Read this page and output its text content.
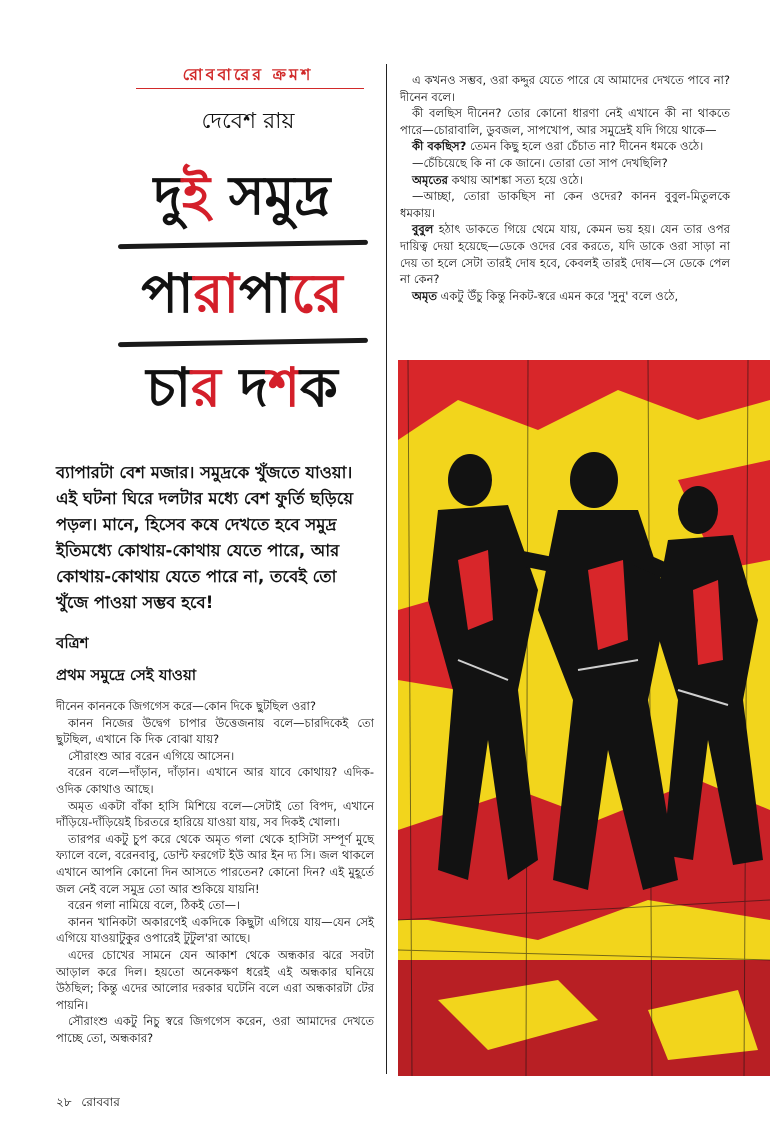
রোববারের ক্রমশ
দেবেশ রায়
দুই সমুদ্র
পারাপারে
চার দশক
ব্যাপারটা বেশ মজার। সমুদ্রকে খুঁজতে যাওয়া। এই ঘটনা ঘিরে দলটার মধ্যে বেশ ফুর্তি ছড়িয়ে পড়ল। মানে, হিসেব কষে দেখতে হবে সমুদ্র ইতিমধ্যে কোথায়-কোথায় যেতে পারে, আর কোথায়-কোথায় যেতে পারে না, তবেই তো খুঁজে পাওয়া সম্ভব হবে!
বত্রিশ
প্রথম সমুদ্রে সেই যাওয়া

দীনেন কাননকে জিগগেস করে—কোন দিকে ছুটছিল ওরা?

কানন নিজের উদ্বেগ চাপার উত্তেজনায় বলে—চারদিকেই তো ছুটছিল, এখানে কি দিক বোঝা যায়?

সৌরাংশু আর বরেন এগিয়ে আসেন।

বরেন বলে—দাঁড়ান, দাঁড়ান। এখানে আর যাবে কোথায়? এদিক-ওদিক কোথাও আছে।

অমৃত একটা বাঁকা হাসি মিশিয়ে বলে—সেটাই তো বিপদ, এখানে দাঁড়িয়ে-দাঁড়িয়েই চিরতরে হারিয়ে যাওয়া যায়, সব দিকই খোলা।

তারপর একটু চুপ করে থেকে অমৃত গলা থেকে হাসিটা সম্পূর্ণ মুছে ফ্যালে বলে, বরেনবাবু, ডোন্ট ফরগেট ইউ আর ইন দ্য সি। জল থাকলে এখানে আপনি কোনো দিন আসতে পারতেন? কোনো দিন? এই মুহূর্তে জল নেই বলে সমুদ্র তো আর শুকিয়ে যায়নি!

বরেন গলা নামিয়ে বলে, ঠিকই তো—।

কানন খানিকটা অকারণেই একদিকে কিছুটা এগিয়ে যায়—যেন সেই এগিয়ে যাওয়াটুকুর ওপারেই টুটুল'রা আছে।

এদের চোখের সামনে যেন আকাশ থেকে অন্ধকার ঝরে সবটা আড়াল করে দিল। হয়তো অনেকক্ষণ ধরেই এই অন্ধকার ঘনিয়ে উঠছিল; কিন্তু এদের আলোর দরকার ঘটেনি বলে এরা অন্ধকারটা টের পায়নি।

সৌরাংশু একটু নিচু স্বরে জিগগেস করেন, ওরা আমাদের দেখতে পাচ্ছে তো, অন্ধকার?

এ কখনও সম্ভব, ওরা কদ্দুর যেতে পারে যে আমাদের দেখতে পাবে না? দীনেন বলে।

কী বলছিস দীনেন? তোর কোনো ধারণা নেই এখানে কী না থাকতে পারে—চোরাবালি, ডুবজল, সাপখোপ, আর সমুদ্রেই যদি গিয়ে থাকে—

কী বকছিস? তেমন কিছু হলে ওরা চেঁচাত না? দীনেন ধমকে ওঠে।

—চেঁচিয়েছে কি না কে জানে। তোরা তো সাপ দেখছিলি?

অমৃতের কথায় আশঙ্কা সত্য হয়ে ওঠে।

—আচ্ছা, তোরা ডাকছিস না কেন ওদের? কানন বুবুল-মিতুলকে ধমকায়।

বুবুল হঠাৎ ডাকতে গিয়ে থেমে যায়, কেমন ভয় হয়। যেন তার ওপর দায়িত্ব দেয়া হয়েছে—ডেকে ওদের বের করতে, যদি ডাকে ওরা সাড়া না দেয় তা হলে সেটা তারই দোষ হবে, কেবলই তারই দোষ—সে ডেকে পেল না কেন?

অমৃত একটু উঁচু কিন্তু নিকট-স্বরে এমন করে 'সুনু' বলে ওঠে,

২৮ রোববার
